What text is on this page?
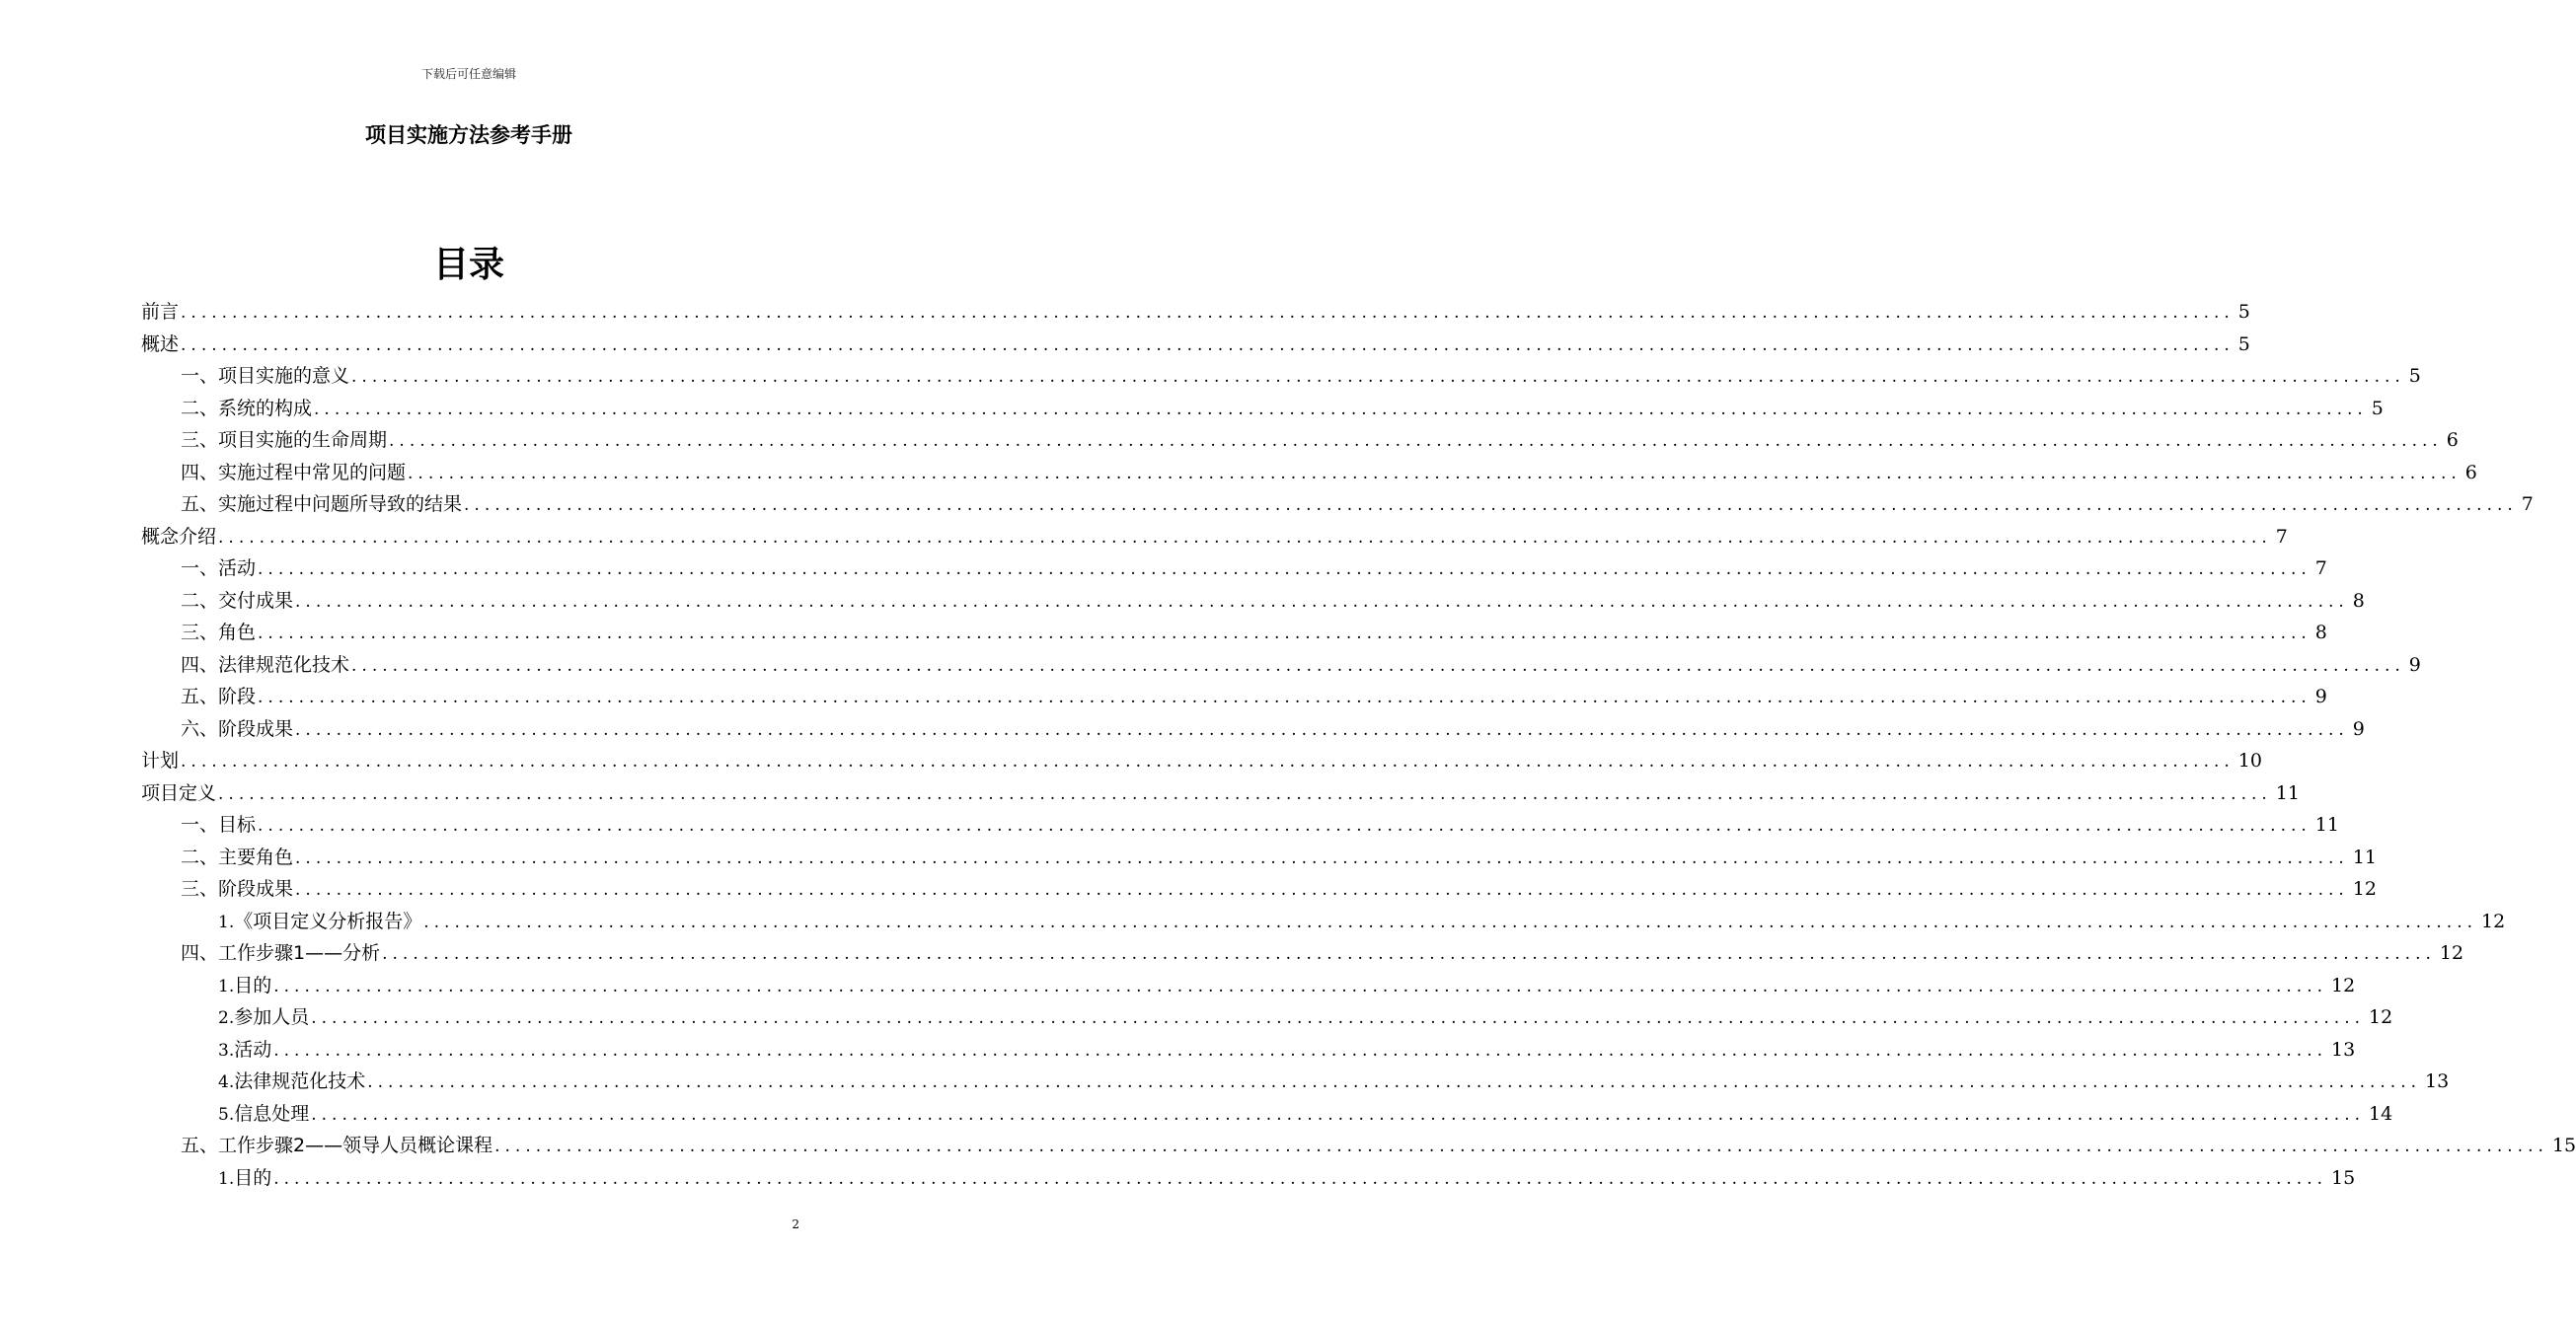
下载后可任意编辑
项目实施方法参考手册
目录
前言 ........................................................................................................................................................................................................ 5
概述 ........................................................................................................................................................................................................ 5
一、 项目实施的意义 ........................................................................................................................................................................................................ 5
二、 系统的构成 ........................................................................................................................................................................................................ 5
三、 项目实施的生命周期 ........................................................................................................................................................................................................ 6
四、 实施过程中常见的问题 ........................................................................................................................................................................................................ 6
五、 实施过程中问题所导致的结果 ........................................................................................................................................................................................................ 7
概念介绍 ........................................................................................................................................................................................................ 7
一、 活动 ........................................................................................................................................................................................................ 7
二、 交付成果 ........................................................................................................................................................................................................ 8
三、 角色 ........................................................................................................................................................................................................ 8
四、 法律规范化技术 ........................................................................................................................................................................................................ 9
五、 阶段 ........................................................................................................................................................................................................ 9
六、 阶段成果 ........................................................................................................................................................................................................ 9
计划 ........................................................................................................................................................................................................ 10
项目定义 ........................................................................................................................................................................................................ 11
一、 目标 ........................................................................................................................................................................................................ 11
二、 主要角色 ........................................................................................................................................................................................................ 11
三、 阶段成果 ........................................................................................................................................................................................................ 12
1. 《项目定义分析报告》 ........................................................................................................................................................................................................ 12
四、 工作步骤1——分析 ........................................................................................................................................................................................................ 12
1. 目的 ........................................................................................................................................................................................................ 12
2. 参加人员 ........................................................................................................................................................................................................ 12
3. 活动 ........................................................................................................................................................................................................ 13
4. 法律规范化技术 ........................................................................................................................................................................................................ 13
5. 信息处理 ........................................................................................................................................................................................................ 14
五、 工作步骤2——领导人员概论课程 ........................................................................................................................................................................................................ 15
1. 目的 ........................................................................................................................................................................................................ 15
2
